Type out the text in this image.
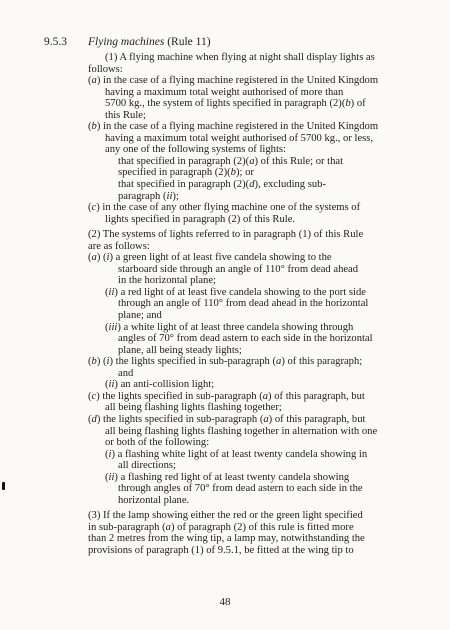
9.5.3 Flying machines (Rule 11)
(1) A flying machine when flying at night shall display lights as
follows:
(a) in the case of a flying machine registered in the United Kingdom
having a maximum total weight authorised of more than
5700 kg., the system of lights specified in paragraph (2)(b) of
this Rule;
(b) in the case of a flying machine registered in the United Kingdom
having a maximum total weight authorised of 5700 kg., or less,
any one of the following systems of lights:
that specified in paragraph (2)(a) of this Rule; or that
specified in paragraph (2)(b); or
that specified in paragraph (2)(d), excluding sub-
paragraph (ii);
(c) in the case of any other flying machine one of the systems of
lights specified in paragraph (2) of this Rule.
(2) The systems of lights referred to in paragraph (1) of this Rule
are as follows:
(a) (i) a green light of at least five candela showing to the
starboard side through an angle of 110° from dead ahead
in the horizontal plane;
(ii) a red light of at least five candela showing to the port side
through an angle of 110° from dead ahead in the horizontal
plane; and
(iii) a white light of at least three candela showing through
angles of 70° from dead astern to each side in the horizontal
plane, all being steady lights;
(b) (i) the lights specified in sub-paragraph (a) of this paragraph;
and
(ii) an anti-collision light;
(c) the lights specified in sub-paragraph (a) of this paragraph, but
all being flashing lights flashing together;
(d) the lights specified in sub-paragraph (a) of this paragraph, but
all being flashing lights flashing together in alternation with one
or both of the following:
(i) a flashing white light of at least twenty candela showing in
all directions;
(ii) a flashing red light of at least twenty candela showing
through angles of 70° from dead astern to each side in the
horizontal plane.
(3) If the lamp showing either the red or the green light specified
in sub-paragraph (a) of paragraph (2) of this rule is fitted more
than 2 metres from the wing tip, a lamp may, notwithstanding the
provisions of paragraph (1) of 9.5.1, be fitted at the wing tip to
48
